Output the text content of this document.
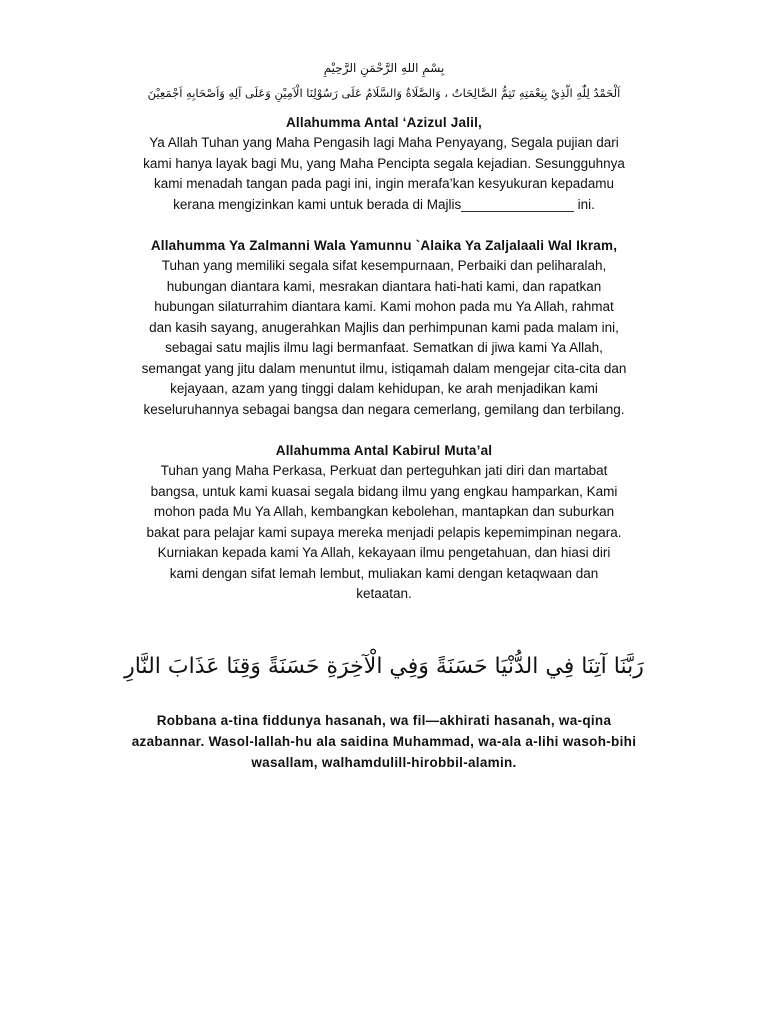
بِسْمِ اللهِ الرَّحْمَنِ الرَّحِيْمِ
اَلْحَمْدُ لِلّٰهِ الَّذِيْ بِنِعْمَتِهِ تَتِمُّ الصَّالِحَاتُ ، وَالصَّلَاةُ وَالسَّلَامُ عَلَى رَسُوْلِنَا الْاَمِيْنِ وَعَلَى آلِهِ وَاَصْحَابِهِ اَجْمَعِيْنَ
Allahumma Antal ‘Azizul Jalil,
Ya Allah Tuhan yang Maha Pengasih lagi Maha Penyayang, Segala pujian dari
kami hanya layak bagi Mu, yang Maha Pencipta segala kejadian. Sesungguhnya
kami menadah tangan pada pagi ini, ingin merafa’kan kesyukuran kepadamu
kerana mengizinkan kami untuk berada di Majlis_______________ ini.
Allahumma Ya Zalmanni Wala Yamunnu `Alaika Ya Zaljalaali Wal Ikram,
Tuhan yang memiliki segala sifat kesempurnaan, Perbaiki dan peliharalah,
hubungan diantara kami, mesrakan diantara hati-hati kami, dan rapatkan
hubungan silaturrahim diantara kami. Kami mohon pada mu Ya Allah, rahmat
dan kasih sayang, anugerahkan Majlis dan perhimpunan kami pada malam ini,
sebagai satu majlis ilmu lagi bermanfaat. Sematkan di jiwa kami Ya Allah,
semangat yang jitu dalam menuntut ilmu, istiqamah dalam mengejar cita-cita dan
kejayaan, azam yang tinggi dalam kehidupan, ke arah menjadikan kami
keseluruhannya sebagai bangsa dan negara cemerlang, gemilang dan terbilang.
Allahumma Antal Kabirul Muta’al
Tuhan yang Maha Perkasa, Perkuat dan perteguhkan jati diri dan martabat
bangsa, untuk kami kuasai segala bidang ilmu yang engkau hamparkan, Kami
mohon pada Mu Ya Allah, kembangkan kebolehan, mantapkan dan suburkan
bakat para pelajar kami supaya mereka menjadi pelapis kepemimpinan negara.
Kurniakan kepada kami Ya Allah, kekayaan ilmu pengetahuan, dan hiasi diri
kami dengan sifat lemah lembut, muliakan kami dengan ketaqwaan dan
ketaatan.
رَبَّنَا آتِنَا فِي الدُّنْيَا حَسَنَةً وَفِي الْآخِرَةِ حَسَنَةً وَقِنَا عَذَابَ النَّارِ
Robbana a-tina fiddunya hasanah, wa fil—akhirati hasanah, wa-qina
azabannar. Wasol-lallah-hu ala saidina Muhammad, wa-ala a-lihi wasoh-bihi
wasallam, walhamdulill-hirobbil-alamin.
